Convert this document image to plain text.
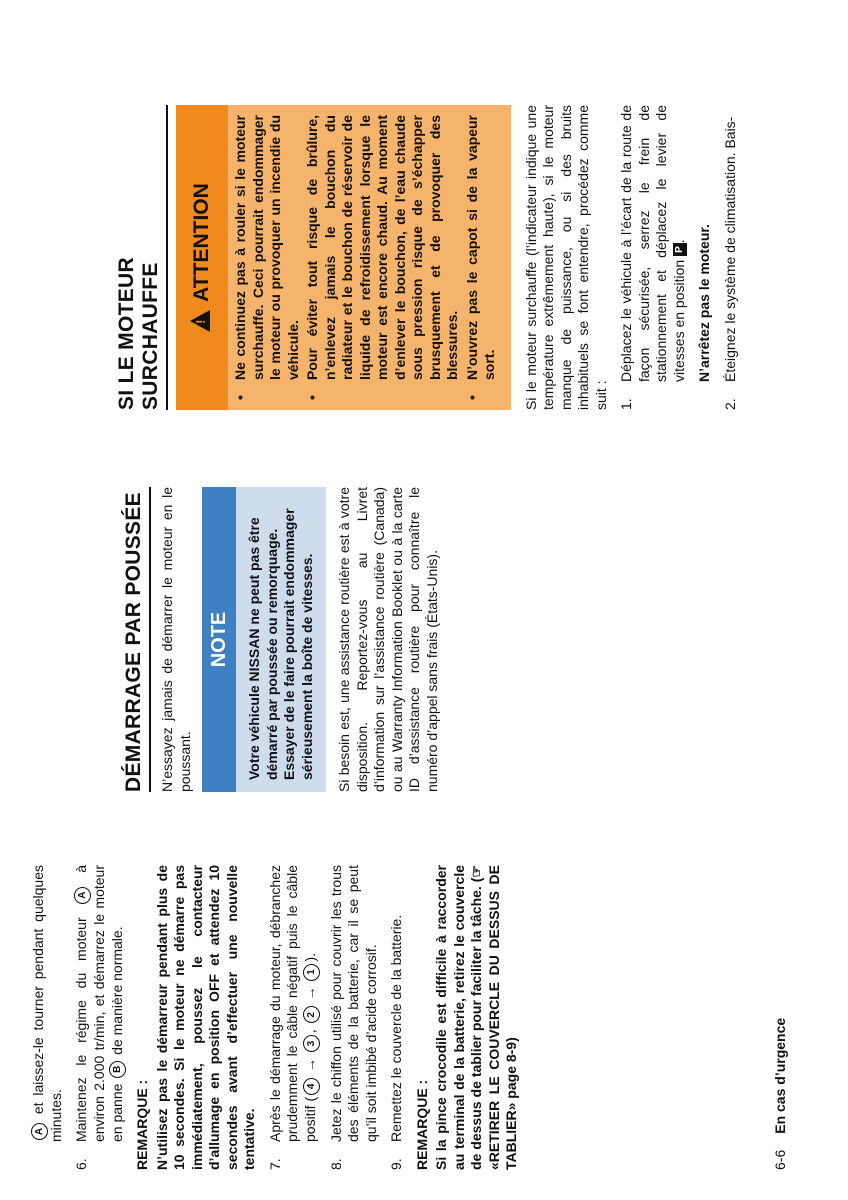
A et laissez-le tourner pendant quelques minutes.

6.
Maintenez le régime du moteur A à environ 2.000 tr/min, et démarrez le moteur en panne B de manière normale.

REMARQUE : N’utilisez pas le démarreur pendant plus de 10 secondes. Si le moteur ne démarre pas immédiatement, poussez le contacteur d’allumage en position OFF et attendez 10 secondes avant d’effectuer une nouvelle tentative. 7.
Après le démarrage du moteur, débranchez prudemment le câble négatif puis le câble positif (4 → 3, 2 → 1).
8.
Jetez le chiffon utilisé pour couvrir les trous des éléments de la batterie, car il se peut qu’il soit imbibé d’acide corrosif.
9.
Remettez le couvercle de la batterie. REMARQUE : Si la pince crocodile est difficile à raccorder au terminal de la batterie, retirez le couvercle de dessus de tablier pour faciliter la tâche. (☞ «RETIRER LE COUVERCLE DU DESSUS DE TABLIER» page 8-9)

DÉMARRAGE PAR POUSSÉE	N’essayez jamais de démarrer le moteur en le poussant.

NOTE	Votre véhicule NISSAN ne peut pas être démarré par poussée ou remorquage. Essayer de le faire pourrait endommager sérieusement la boîte de vitesses.	Si besoin est, une assistance routière est à votre disposition. Reportez-vous au Livret d’information sur l’assistance routière (Canada) ou au Warranty Information Booklet ou à la carte ID d’assistance routière pour connaître le numéro d’appel sans frais (États-Unis).

SI LE MOTEUR SURCHAUFFE	!
ATTENTION
•
Ne continuez pas à rouler si le moteur surchauffe. Ceci pourrait endommager le moteur ou provoquer un incendie du véhicule.
•
Pour éviter tout risque de brûlure, n’enlevez jamais le bouchon du radiateur et le bouchon de réservoir de liquide de refroidissement lorsque le moteur est encore chaud. Au moment d’enlever le bouchon, de l’eau chaude sous pression risque de s’échapper brusquement et de provoquer des blessures.
•
N’ouvrez pas le capot si de la vapeur sort. Si le moteur surchauffe (l’indicateur indique une température extrêmement haute), si le moteur manque de puissance, ou si des bruits inhabituels se font entendre, procédez comme suit : 1.
Déplacez le véhicule à l’écart de la route de façon sécurisée, serrez le frein de stationnement et déplacez le levier de vitesses en position P. N’arrêtez pas le moteur.

2.
Éteignez le système de climatisation. Bais-
6-6En cas d’urgence
